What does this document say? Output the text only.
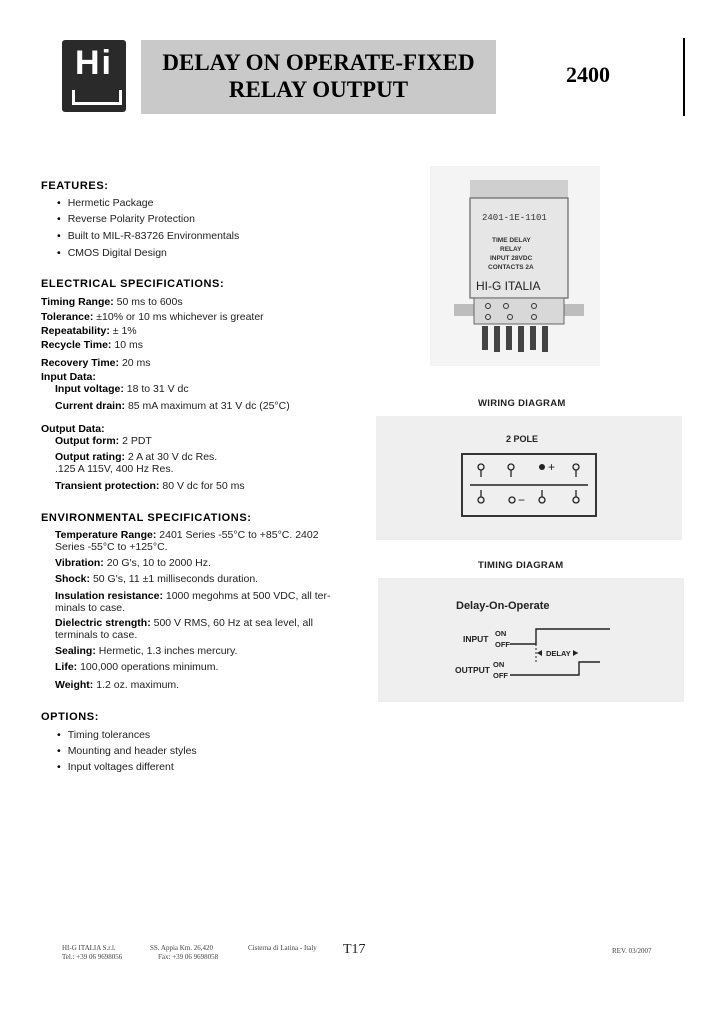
Hi	DELAY ON OPERATE-FIXED
RELAY OUTPUT
2400
FEATURES:
• Hermetic Package
• Reverse Polarity Protection
• Built to MIL-R-83726 Environmentals
• CMOS Digital Design
ELECTRICAL SPECIFICATIONS:
Timing Range: 50 ms to 600s
Tolerance: ±10% or 10 ms whichever is greater
Repeatability: ± 1%
Recycle Time: 10 ms
Recovery Time: 20 ms
Input Data:
Input voltage: 18 to 31 V dc
Current drain: 85 mA maximum at 31 V dc (25°C)
Output Data:
Output form: 2 PDT
Output rating: 2 A at 30 V dc Res.
.125 A 115V, 400 Hz Res.
Transient protection: 80 V dc for 50 ms
ENVIRONMENTAL SPECIFICATIONS:
Temperature Range: 2401 Series -55°C to +85°C. 2402
Series -55°C to +125°C.
Vibration: 20 G's, 10 to 2000 Hz.
Shock: 50 G's, 11 ±1 milliseconds duration.
Insulation resistance: 1000 megohms at 500 VDC, all ter-
minals to case.
Dielectric strength: 500 V RMS, 60 Hz at sea level, all
terminals to case.
Sealing: Hermetic, 1.3 inches mercury.
Life: 100,000 operations minimum.
Weight: 1.2 oz. maximum.
OPTIONS:
• Timing tolerances
• Mounting and header styles
• Input voltages different
2401-1E-1101
TIME DELAY
RELAY
INPUT 28VDC
CONTACTS 2A
HI-G ITALIA
WIRING DIAGRAM
2 POLE
+
−
TIMING DIAGRAM
Delay-On-Operate
INPUT
ON
OFF
OUTPUT
ON
OFF
DELAY
HI-G ITALIA S.r.l.
Tel.: +39 06 9698056
SS. Appia Km. 26,420
Fax: +39 06 9698058
Cisterna di Latina - Italy T17	REV. 03/2007
